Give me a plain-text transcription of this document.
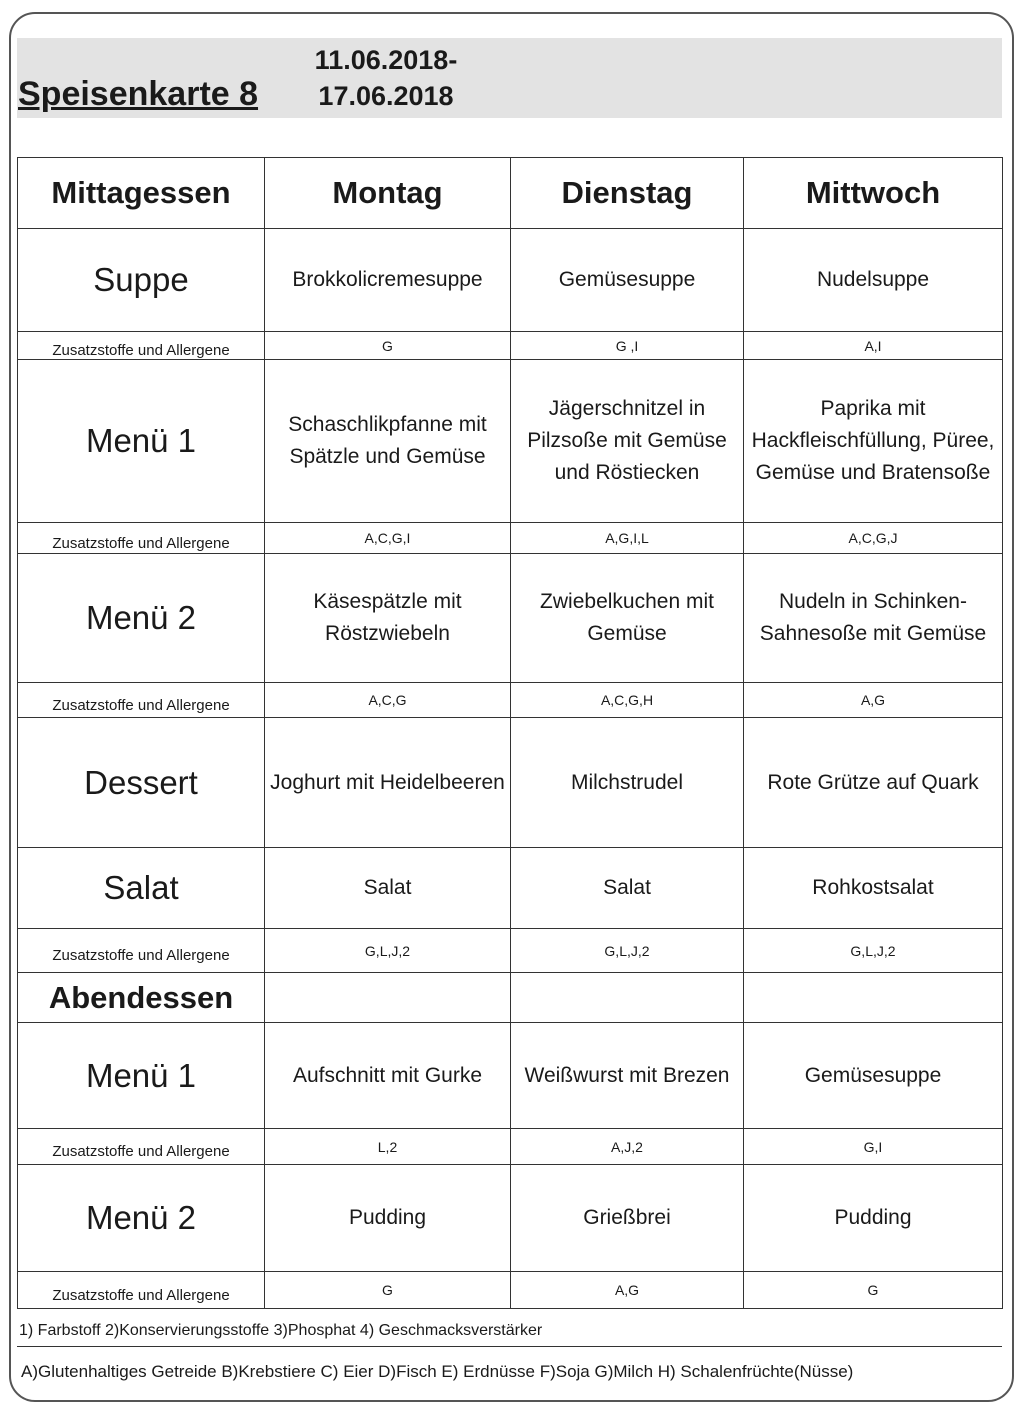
Speisenkarte 8
11.06.2018-
17.06.2018
Mittagessen	Montag	Dienstag	Mittwoch
Suppe	Brokkolicremesuppe	Gemüsesuppe	Nudelsuppe
Zusatzstoffe und Allergene	G	G ,I	A,I
Menü 1	Schaschlikpfanne mit Spätzle und Gemüse	Jägerschnitzel in Pilzsoße mit Gemüse und Röstiecken	Paprika mit Hackfleischfüllung, Püree, Gemüse und Bratensoße
Zusatzstoffe und Allergene	A,C,G,I	A,G,I,L	A,C,G,J
Menü 2	Käsespätzle mit Röstzwiebeln	Zwiebelkuchen mit Gemüse	Nudeln in Schinken-Sahnesoße mit Gemüse
Zusatzstoffe und Allergene	A,C,G	A,C,G,H	A,G
Dessert	Joghurt mit Heidelbeeren	Milchstrudel	Rote Grütze auf Quark
Salat	Salat	Salat	Rohkostsalat
Zusatzstoffe und Allergene	G,L,J,2	G,L,J,2	G,L,J,2
Abendessen			
Menü 1	Aufschnitt mit Gurke	Weißwurst mit Brezen	Gemüsesuppe
Zusatzstoffe und Allergene	L,2	A,J,2	G,I
Menü 2	Pudding	Grießbrei	Pudding
Zusatzstoffe und Allergene	G	A,G	G
1) Farbstoff 2)Konservierungsstoffe 3)Phosphat 4) Geschmacksverstärker
A)Glutenhaltiges Getreide B)Krebstiere C) Eier D)Fisch E) Erdnüsse F)Soja G)Milch H) Schalenfrüchte(Nüsse)
